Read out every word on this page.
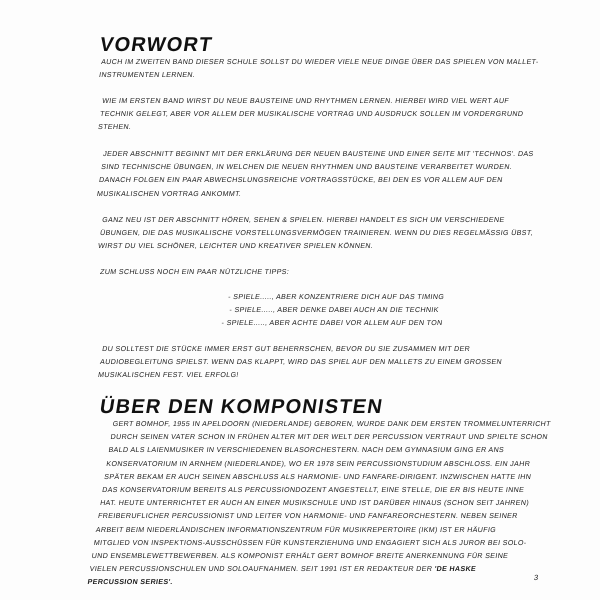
VORWORT

AUCH IM ZWEITEN BAND DIESER SCHULE SOLLST DU WIEDER VIELE NEUE DINGE ÜBER DAS SPIELEN VON MALLET-INSTRUMENTEN LERNEN.

WIE IM ERSTEN BAND WIRST DU NEUE BAUSTEINE UND RHYTHMEN LERNEN. HIERBEI WIRD VIEL WERT AUF TECHNIK GELEGT, ABER VOR ALLEM DER MUSIKALISCHE VORTRAG UND AUSDRUCK SOLLEN IM VORDERGRUND STEHEN.

JEDER ABSCHNITT BEGINNT MIT DER ERKLÄRUNG DER NEUEN BAUSTEINE UND EINER SEITE MIT 'TECHNOS'. DAS SIND TECHNISCHE ÜBUNGEN, IN WELCHEN DIE NEUEN RHYTHMEN UND BAUSTEINE VERARBEITET WURDEN. DANACH FOLGEN EIN PAAR ABWECHSLUNGSREICHE VORTRAGSSTÜCKE, BEI DEN ES VOR ALLEM AUF DEN MUSIKALISCHEN VORTRAG ANKOMMT.

GANZ NEU IST DER ABSCHNITT HÖREN, SEHEN & SPIELEN. HIERBEI HANDELT ES SICH UM VERSCHIEDENE ÜBUNGEN, DIE DAS MUSIKALISCHE VORSTELLUNGSVERMÖGEN TRAINIEREN. WENN DU DIES REGELMÄSSIG ÜBST, WIRST DU VIEL SCHÖNER, LEICHTER UND KREATIVER SPIELEN KÖNNEN.

ZUM SCHLUSS NOCH EIN PAAR NÜTZLICHE TIPPS:

- SPIELE....., ABER KONZENTRIERE DICH AUF DAS TIMING
- SPIELE....., ABER DENKE DABEI AUCH AN DIE TECHNIK
- SPIELE....., ABER ACHTE DABEI VOR ALLEM AUF DEN TON

DU SOLLTEST DIE STÜCKE IMMER ERST GUT BEHERRSCHEN, BEVOR DU SIE ZUSAMMEN MIT DER AUDIOBEGLEITUNG SPIELST. WENN DAS KLAPPT, WIRD DAS SPIEL AUF DEN MALLETS ZU EINEM GROSSEN MUSIKALISCHEN FEST. VIEL ERFOLG!

ÜBER DEN KOMPONISTEN

GERT BOMHOF, 1955 IN APELDOORN (NIEDERLANDE) GEBOREN, WURDE DANK DEM ERSTEN TROMMELUNTERRICHT DURCH SEINEN VATER SCHON IN FRÜHEN ALTER MIT DER WELT DER PERCUSSION VERTRAUT UND SPIELTE SCHON BALD ALS LAIENMUSIKER IN VERSCHIEDENEN BLASORCHESTERN. NACH DEM GYMNASIUM GING ER ANS KONSERVATORIUM IN ARNHEM (NIEDERLANDE), WO ER 1978 SEIN PERCUSSIONSTUDIUM ABSCHLOSS. EIN JAHR SPÄTER BEKAM ER AUCH SEINEN ABSCHLUSS ALS HARMONIE- UND FANFARE-DIRIGENT. INZWISCHEN HATTE IHN DAS KONSERVATORIUM BEREITS ALS PERCUSSIONDOZENT ANGESTELLT, EINE STELLE, DIE ER BIS HEUTE INNE HAT. HEUTE UNTERRICHTET ER AUCH AN EINER MUSIKSCHULE UND IST DARÜBER HINAUS (SCHON SEIT JAHREN) FREIBERUFLICHER PERCUSSIONIST UND LEITER VON HARMONIE- UND FANFAREORCHESTERN. NEBEN SEINER ARBEIT BEIM NIEDERLÄNDISCHEN INFORMATIONSZENTRUM FÜR MUSIKREPERTOIRE (IKM) IST ER HÄUFIG MITGLIED VON INSPEKTIONS-AUSSCHÜSSEN FÜR KUNSTERZIEHUNG UND ENGAGIERT SICH ALS JUROR BEI SOLO- UND ENSEMBLEWETTBEWERBEN. ALS KOMPONIST ERHÄLT GERT BOMHOF BREITE ANERKENNUNG FÜR SEINE VIELEN PERCUSSIONSCHULEN UND SOLOAUFNAHMEN. SEIT 1991 IST ER REDAKTEUR DER 'DE HASKE PERCUSSION SERIES'.

3
